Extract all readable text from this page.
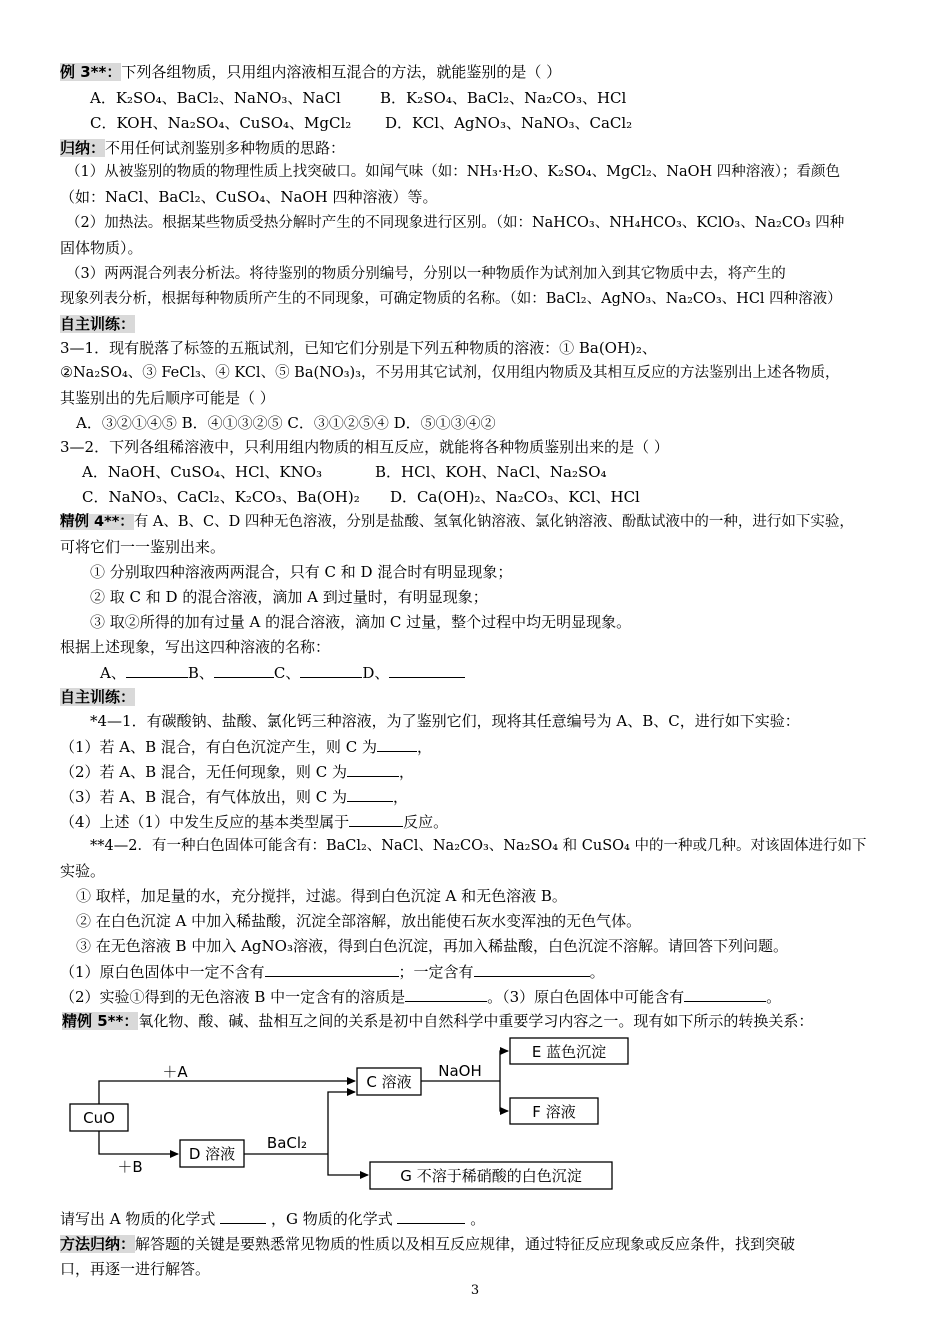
例 3**：下列各组物质，只用组内溶液相互混合的方法，就能鉴别的是（ ）
A．K₂SO₄、BaCl₂、NaNO₃、NaCl	B．K₂SO₄、BaCl₂、Na₂CO₃、HCl
C．KOH、Na₂SO₄、CuSO₄、MgCl₂ D．KCl、AgNO₃、NaNO₃、CaCl₂
归纳：不用任何试剂鉴别多种物质的思路：
（1）从被鉴别的物质的物理性质上找突破口。如闻气味（如：NH₃·H₂O、K₂SO₄、MgCl₂、NaOH 四种溶液）；看颜色
（如：NaCl、BaCl₂、CuSO₄、NaOH 四种溶液）等。
（2）加热法。根据某些物质受热分解时产生的不同现象进行区别。（如：NaHCO₃、NH₄HCO₃、KClO₃、Na₂CO₃ 四种
固体物质）。
（3）两两混合列表分析法。将待鉴别的物质分别编号，分别以一种物质作为试剂加入到其它物质中去，将产生的
现象列表分析，根据每种物质所产生的不同现象，可确定物质的名称。（如：BaCl₂、AgNO₃、Na₂CO₃、HCl 四种溶液）
自主训练：
3—1．现有脱落了标签的五瓶试剂，已知它们分别是下列五种物质的溶液：① Ba(OH)₂、
②Na₂SO₄、③ FeCl₃、④ KCl、⑤ Ba(NO₃)₃，不另用其它试剂，仅用组内物质及其相互反应的方法鉴别出上述各物质，
其鉴别出的先后顺序可能是（ ）
A．③②①④⑤ B．④①③②⑤ C．③①②⑤④ D．⑤①③④②
3—2．下列各组稀溶液中，只利用组内物质的相互反应，就能将各种物质鉴别出来的是（ ）
A．NaOH、CuSO₄、HCl、KNO₃	B．HCl、KOH、NaCl、Na₂SO₄
C．NaNO₃、CaCl₂、K₂CO₃、Ba(OH)₂ D．Ca(OH)₂、Na₂CO₃、KCl、HCl
精例 4**：有 A、B、C、D 四种无色溶液，分别是盐酸、氢氧化钠溶液、氯化钠溶液、酚酞试液中的一种，进行如下实验，
可将它们一一鉴别出来。
① 分别取四种溶液两两混合，只有 C 和 D 混合时有明显现象；
② 取 C 和 D 的混合溶液，滴加 A 到过量时，有明显现象；
③ 取②所得的加有过量 A 的混合溶液，滴加 C 过量，整个过程中均无明显现象。
根据上述现象，写出这四种溶液的名称：
A、	B、	C、	D、
自主训练：
*4—1．有碳酸钠、盐酸、氯化钙三种溶液，为了鉴别它们，现将其任意编号为 A、B、C，进行如下实验：
（1）若 A、B 混合，有白色沉淀产生，则 C 为	，
（2）若 A、B 混合，无任何现象，则 C 为	，
（3）若 A、B 混合，有气体放出，则 C 为	，
（4）上述（1）中发生反应的基本类型属于	反应。
**4—2．有一种白色固体可能含有：BaCl₂、NaCl、Na₂CO₃、Na₂SO₄ 和 CuSO₄ 中的一种或几种。对该固体进行如下
实验。
① 取样，加足量的水，充分搅拌，过滤。得到白色沉淀 A 和无色溶液 B。
② 在白色沉淀 A 中加入稀盐酸，沉淀全部溶解，放出能使石灰水变浑浊的无色气体。
③ 在无色溶液 B 中加入 AgNO₃溶液，得到白色沉淀，再加入稀盐酸，白色沉淀不溶解。请回答下列问题。
（1）原白色固体中一定不含有	；一定含有	。
（2）实验①得到的无色溶液 B 中一定含有的溶质是	。（3）原白色固体中可能含有	。
精例 5**：氧化物、酸、碱、盐相互之间的关系是初中自然科学中重要学习内容之一。现有如下所示的转换关系：
CuO
C 溶液
D 溶液
E 蓝色沉淀
F 溶液
G 不溶于稀硝酸的白色沉淀
＋A
＋B
NaOH
BaCl₂
请写出 A 物质的化学式	，G 物质的化学式	。
方法归纳：解答题的关键是要熟悉常见物质的性质以及相互反应规律，通过特征反应现象或反应条件，找到突破
口，再逐一进行解答。
3
